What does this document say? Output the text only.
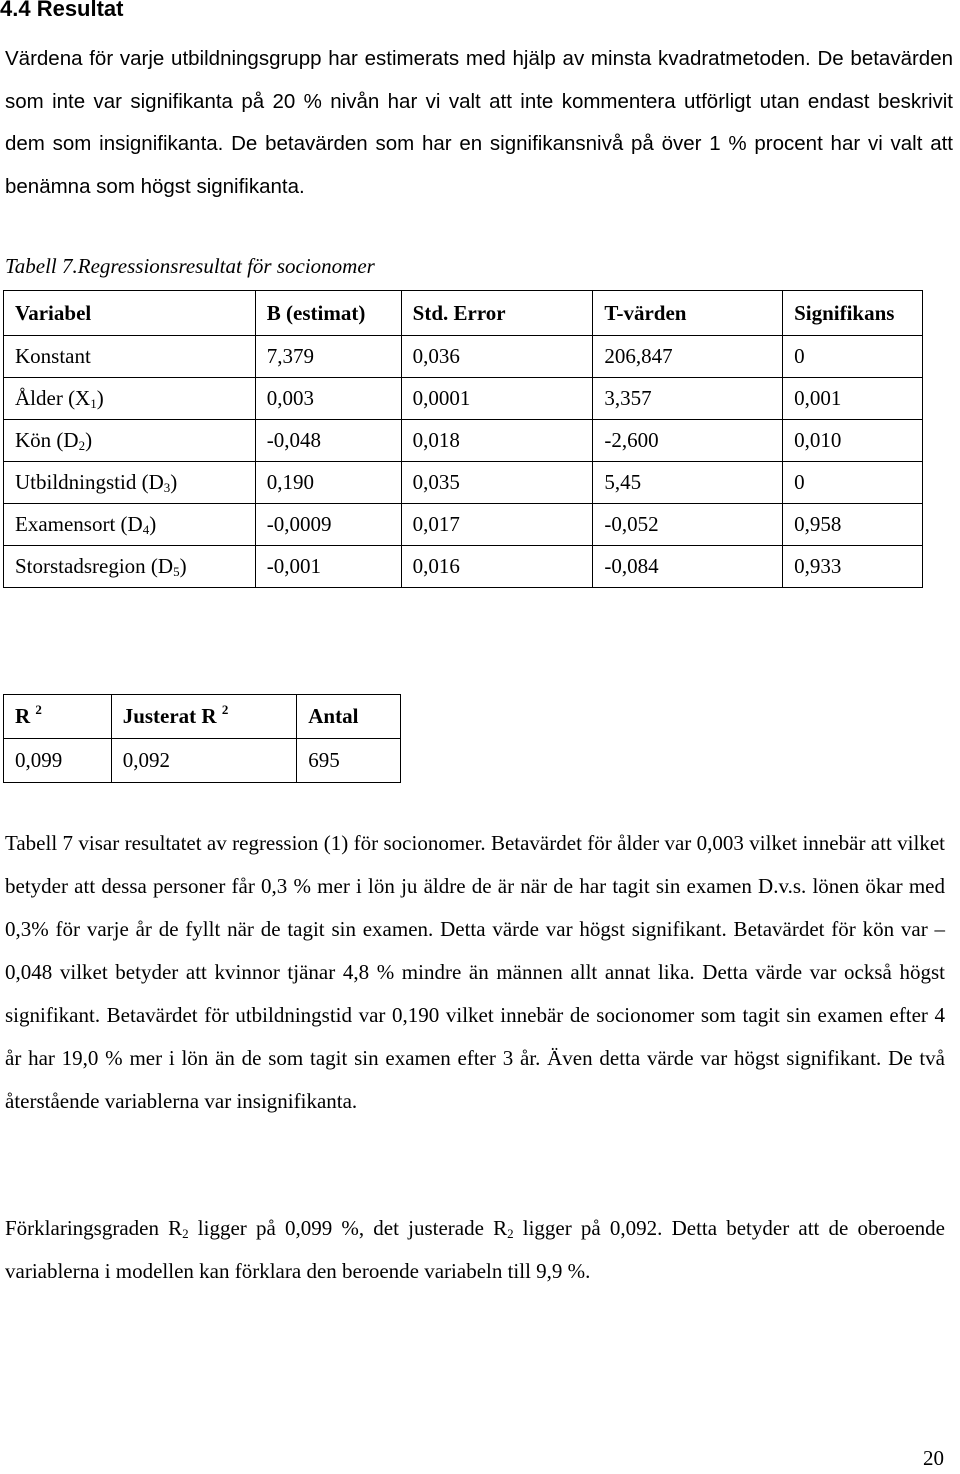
4.4 Resultat

Värdena för varje utbildningsgrupp har estimerats med hjälp av minsta kvadratmetoden. De betavärden som inte var signifikanta på 20 % nivån har vi valt att inte kommentera utförligt utan endast beskrivit dem som insignifikanta. De betavärden som har en signifikansnivå på över 1 % procent har vi valt att benämna som högst signifikanta.

Tabell 7.Regressionsresultat för socionomer
Variabel	B (estimat)	Std. Error	T-värden	Signifikans
Konstant	7,379	0,036	206,847	0
Ålder $(X_1)$	0,003	0,0001	3,357	0,001
Kön $(D_2)$	-0,048	0,018	-2,600	0,010
Utbildningstid $(D_3)$	0,190	0,035	5,45	0
Examensort $(D_4)$	-0,0009	0,017	-0,052	0,958
Storstadsregion $(D_5)$	-0,001	0,016	-0,084	0,933
R $^2$	Justerat R $^2$	Antal
0,099	0,092	695

Tabell 7 visar resultatet av regression (1) för socionomer. Betavärdet för ålder var 0,003 vilket innebär att vilket betyder att dessa personer får 0,3 % mer i lön ju äldre de är när de har tagit sin examen D.v.s. lönen ökar med 0,3% för varje år de fyllt när de tagit sin examen. Detta värde var högst signifikant. Betavärdet för kön var –0,048 vilket betyder att kvinnor tjänar 4,8 % mindre än männen allt annat lika. Detta värde var också högst signifikant. Betavärdet för utbildningstid var 0,190 vilket innebär de socionomer som tagit sin examen efter 4 år har 19,0 % mer i lön än de som tagit sin examen efter 3 år. Även detta värde var högst signifikant. De två återstående variablerna var insignifikanta.

Förklaringsgraden $R_2$ ligger på 0,099 %, det justerade $R_2$ ligger på 0,092. Detta betyder att de oberoende variablerna i modellen kan förklara den beroende variabeln till 9,9 %.

20
